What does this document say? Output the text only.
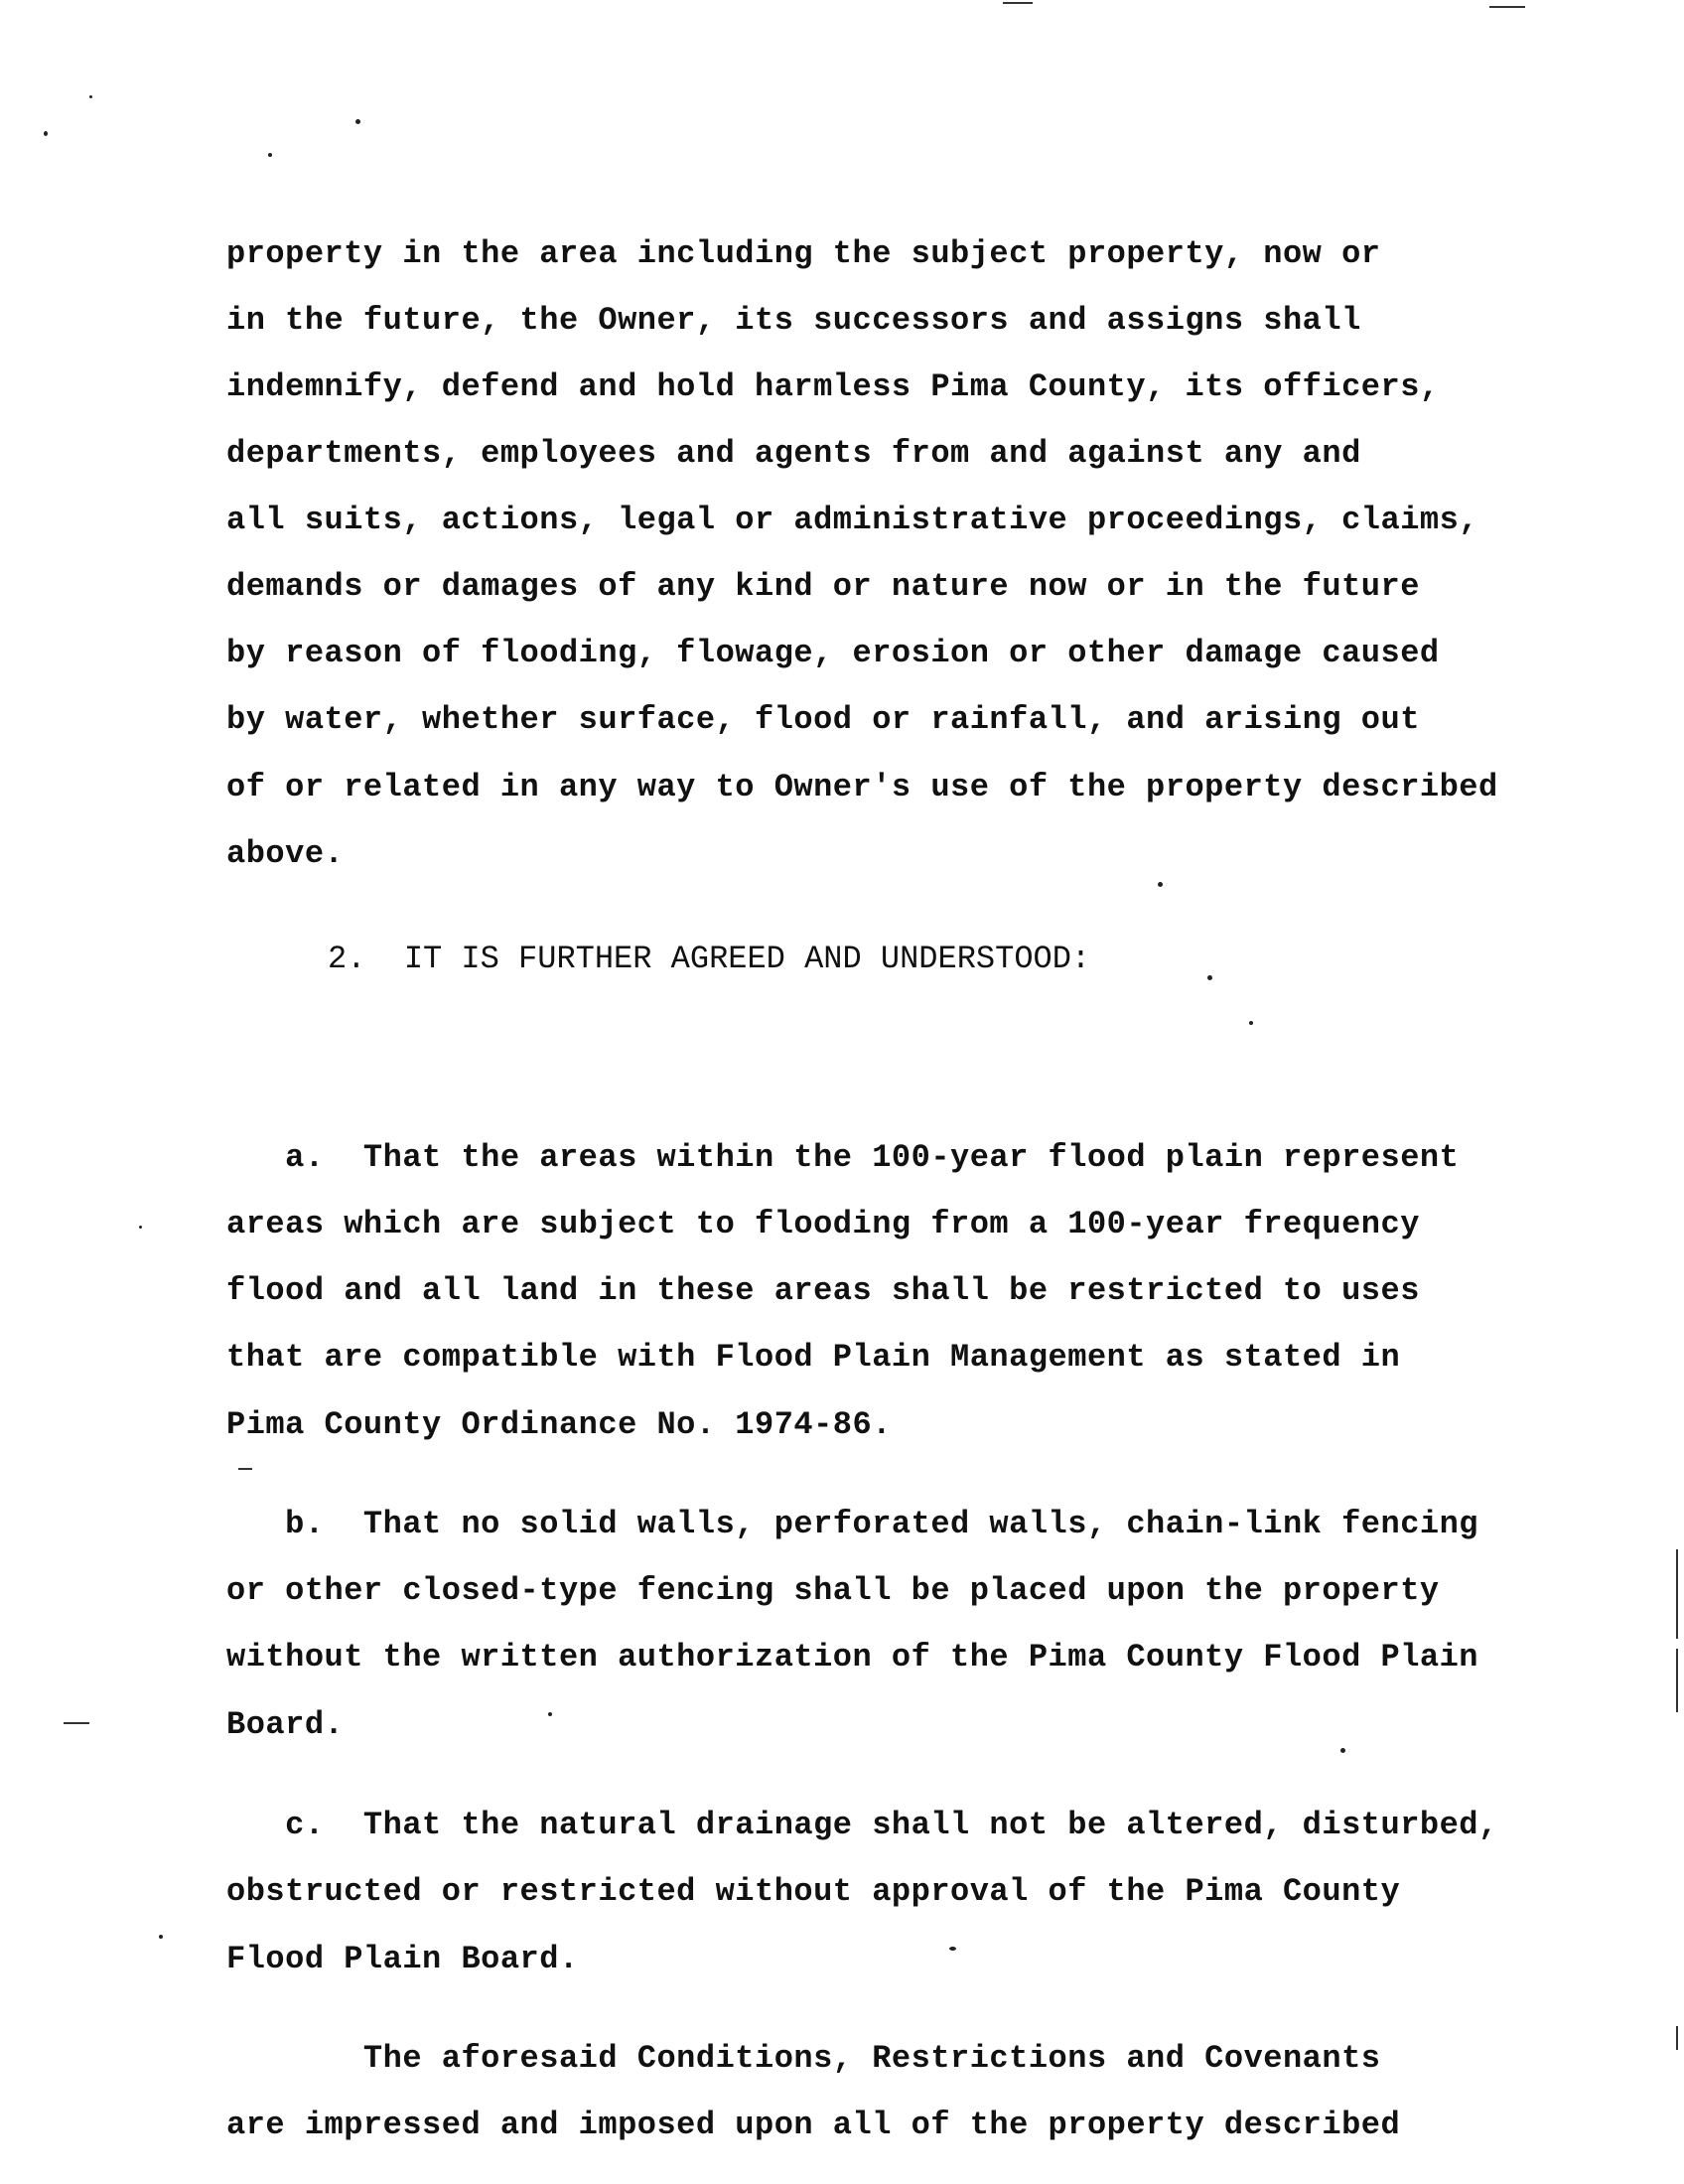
property in the area including the subject property, now or
in the future, the Owner, its successors and assigns shall
indemnify, defend and hold harmless Pima County, its officers,
departments, employees and agents from and against any and
all suits, actions, legal or administrative proceedings, claims,
demands or damages of any kind or nature now or in the future
by reason of flooding, flowage, erosion or other damage caused
by water, whether surface, flood or rainfall, and arising out
of or related in any way to Owner's use of the property described
above.
2.  IT IS FURTHER AGREED AND UNDERSTOOD:
a.  That the areas within the 100-year flood plain represent
areas which are subject to flooding from a 100-year frequency
flood and all land in these areas shall be restricted to uses
that are compatible with Flood Plain Management as stated in
Pima County Ordinance No. 1974-86.
b.  That no solid walls, perforated walls, chain-link fencing
or other closed-type fencing shall be placed upon the property
without the written authorization of the Pima County Flood Plain
Board.
c.  That the natural drainage shall not be altered, disturbed,
obstructed or restricted without approval of the Pima County
Flood Plain Board.
The aforesaid Conditions, Restrictions and Covenants
are impressed and imposed upon all of the property described
